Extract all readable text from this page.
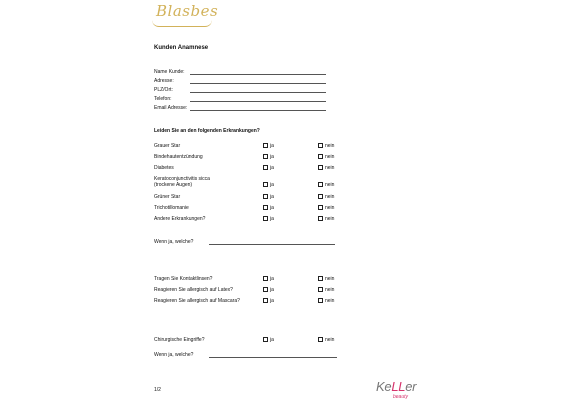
Blasbes
Kunden Anamnese
Name Kunde:
Adresse:
PLZ/Ort:
Telefon:
Email Adresse:
Leiden Sie an den folgenden Erkrankungen?
Grauer Star	ja	nein
Bindehautentzündung	ja	nein
Diabetes	ja	nein
Keratoconjunctivitis sicca
(trockene Augen)	ja	nein
Grüner Star	ja	nein
Trichotillomanie	ja	nein
Andere Erkrankungen?	ja	nein
Wenn ja, welche?
Tragen Sie Kontaktlinsen?	ja	nein
Reagieren Sie allergisch auf Latex?	ja	nein
Reagieren Sie allergisch auf Mascara?	ja	nein
Chirurgische Eingriffe?	ja	nein
Wenn ja, welche?
1/2	KeLLer
beauty
